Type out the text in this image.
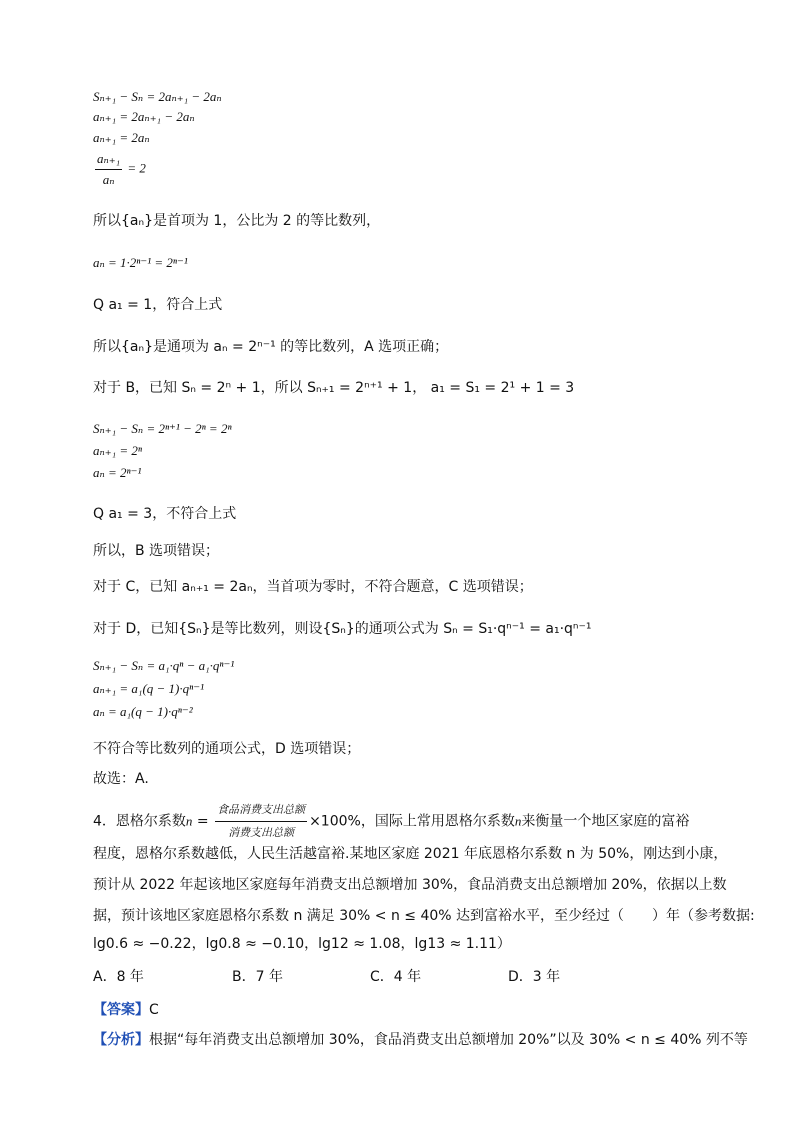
Sₙ₊₁ − Sₙ = 2aₙ₊₁ − 2aₙ
aₙ₊₁ = 2aₙ₊₁ − 2aₙ
aₙ₊₁ = 2aₙ
$\frac{\text{aₙ₊₁}}{\text{aₙ}} = 2$
所以{aₙ}是首项为 1，公比为 2 的等比数列，
aₙ = 1·2ⁿ⁻¹ = 2ⁿ⁻¹
Q a₁ = 1，符合上式
所以{aₙ}是通项为 aₙ = 2ⁿ⁻¹ 的等比数列，A 选项正确；
对于 B，已知 Sₙ = 2ⁿ + 1，所以 Sₙ₊₁ = 2ⁿ⁺¹ + 1， a₁ = S₁ = 2¹ + 1 = 3
Sₙ₊₁ − Sₙ = 2ⁿ⁺¹ − 2ⁿ = 2ⁿ
aₙ₊₁ = 2ⁿ
aₙ = 2ⁿ⁻¹
Q a₁ = 3，不符合上式
所以，B 选项错误；
对于 C，已知 aₙ₊₁ = 2aₙ，当首项为零时，不符合题意，C 选项错误；
对于 D，已知{Sₙ}是等比数列，则设{Sₙ}的通项公式为 Sₙ = S₁·qⁿ⁻¹ = a₁·qⁿ⁻¹
Sₙ₊₁ − Sₙ = a₁·qⁿ − a₁·qⁿ⁻¹
aₙ₊₁ = a₁(q − 1)·qⁿ⁻¹
aₙ = a₁(q − 1)·qⁿ⁻²
不符合等比数列的通项公式，D 选项错误；
故选：A.
4．恩格尔系数$n = \frac{\text{食品消费支出总额}}{\text{消费支出总额}} \times 100\%$，国际上常用恩格尔系数n来衡量一个地区家庭的富裕
程度，恩格尔系数越低，人民生活越富裕.某地区家庭 2021 年底恩格尔系数 n 为 50%，刚达到小康，
预计从 2022 年起该地区家庭每年消费支出总额增加 30%，食品消费支出总额增加 20%，依据以上数
据，预计该地区家庭恩格尔系数 n 满足 30% < n ≤ 40% 达到富裕水平，至少经过（　　）年（参考数据:
lg0.6 ≈ −0.22，lg0.8 ≈ −0.10，lg12 ≈ 1.08，lg13 ≈ 1.11）
A．8 年	B．7 年	C．4 年	D．3 年
【答案】C
【分析】根据“每年消费支出总额增加 30%，食品消费支出总额增加 20%”以及 30% < n ≤ 40% 列不等
